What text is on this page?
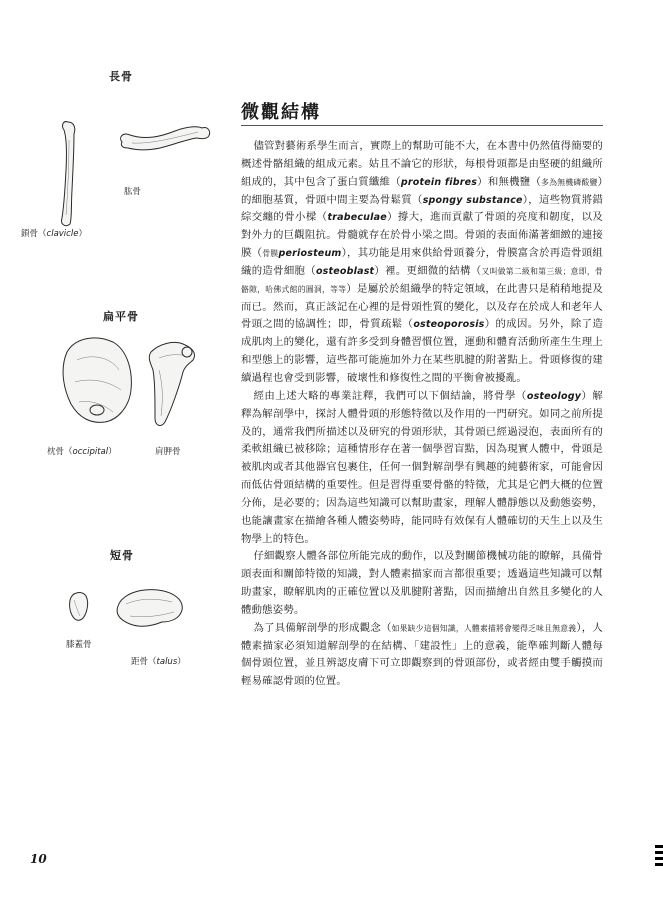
長骨
扁平骨
短骨
肱骨
鎖骨（clavicle）
枕骨（occipital）	肩胛骨
膝蓋骨
距骨（talus）
微觀結構

儘管對藝術系學生而言，實際上的幫助可能不大，在本書中仍然值得簡要的概述骨骼組織的組成元素。姑且不論它的形狀，每根骨頭都是由堅硬的組織所組成的，其中包含了蛋白質纖維（protein fibres）和無機鹽（多為無機磷酸鹽）的細胞基質，骨頭中間主要為骨鬆質（spongy substance），這些物質將錯綜交纏的骨小樑（trabeculae）撐大，進而貢獻了骨頭的亮度和韌度，以及對外力的巨觀阻抗。骨髓就存在於骨小梁之間。骨頭的表面佈滿著細緻的連接膜（骨膜periosteum），其功能是用來供給骨頭養分，骨膜富含於再造骨頭組織的造骨細胞（osteoblast）裡。更細微的結構（又叫做第二級和第三級；意即，骨骼隙，哈佛式館的圓洞，等等）是屬於於組織學的特定領域，在此書只是稍稍地提及而已。然而，真正該記在心裡的是骨頭性質的變化，以及存在於成人和老年人骨頭之間的協調性；即，骨質疏鬆（osteoporosis）的成因。另外，除了造成肌肉上的變化，還有許多受到身體習慣位置，運動和體育活動所產生生理上和型態上的影響，這些都可能施加外力在某些肌腱的附著點上。骨頭修復的建續過程也會受到影響，破壞性和修復性之間的平衡會被擾亂。

經由上述大略的專業註釋，我們可以下個結論，將骨學（osteology）解釋為解剖學中，探討人體骨頭的形態特徵以及作用的一門研究。如同之前所提及的，通常我們所描述以及研究的骨頭形狀，其骨頭已經過浸泡，表面所有的柔軟組織已被移除；這種情形存在著一個學習盲點，因為現實人體中，骨頭是被肌肉或者其他器官包裹住，任何一個對解剖學有興趣的純藝術家，可能會因而低估骨頭結構的重要性。但是習得重要骨骼的特徵，尤其是它們大概的位置分佈，是必要的；因為這些知識可以幫助畫家，理解人體靜態以及動態姿勢，也能讓畫家在描繪各種人體姿勢時，能同時有效保有人體確切的天生上以及生物學上的特色。

仔細觀察人體各部位所能完成的動作，以及對關節機械功能的瞭解，具備骨頭表面和關節特徵的知識，對人體素描家而言都很重要；透過這些知識可以幫助畫家，瞭解肌肉的正確位置以及肌腱附著點，因而描繪出自然且多變化的人體動態姿勢。

為了具備解剖學的形成觀念（如果缺少這個知識，人體素描將會變得乏味且無意義），人體素描家必須知道解剖學的在結構、「建設性」上的意義，能準確判斷人體每個骨頭位置，並且辨認皮膚下可立即觀察到的骨頭部份，或者經由雙手觸摸而輕易確認骨頭的位置。

10
